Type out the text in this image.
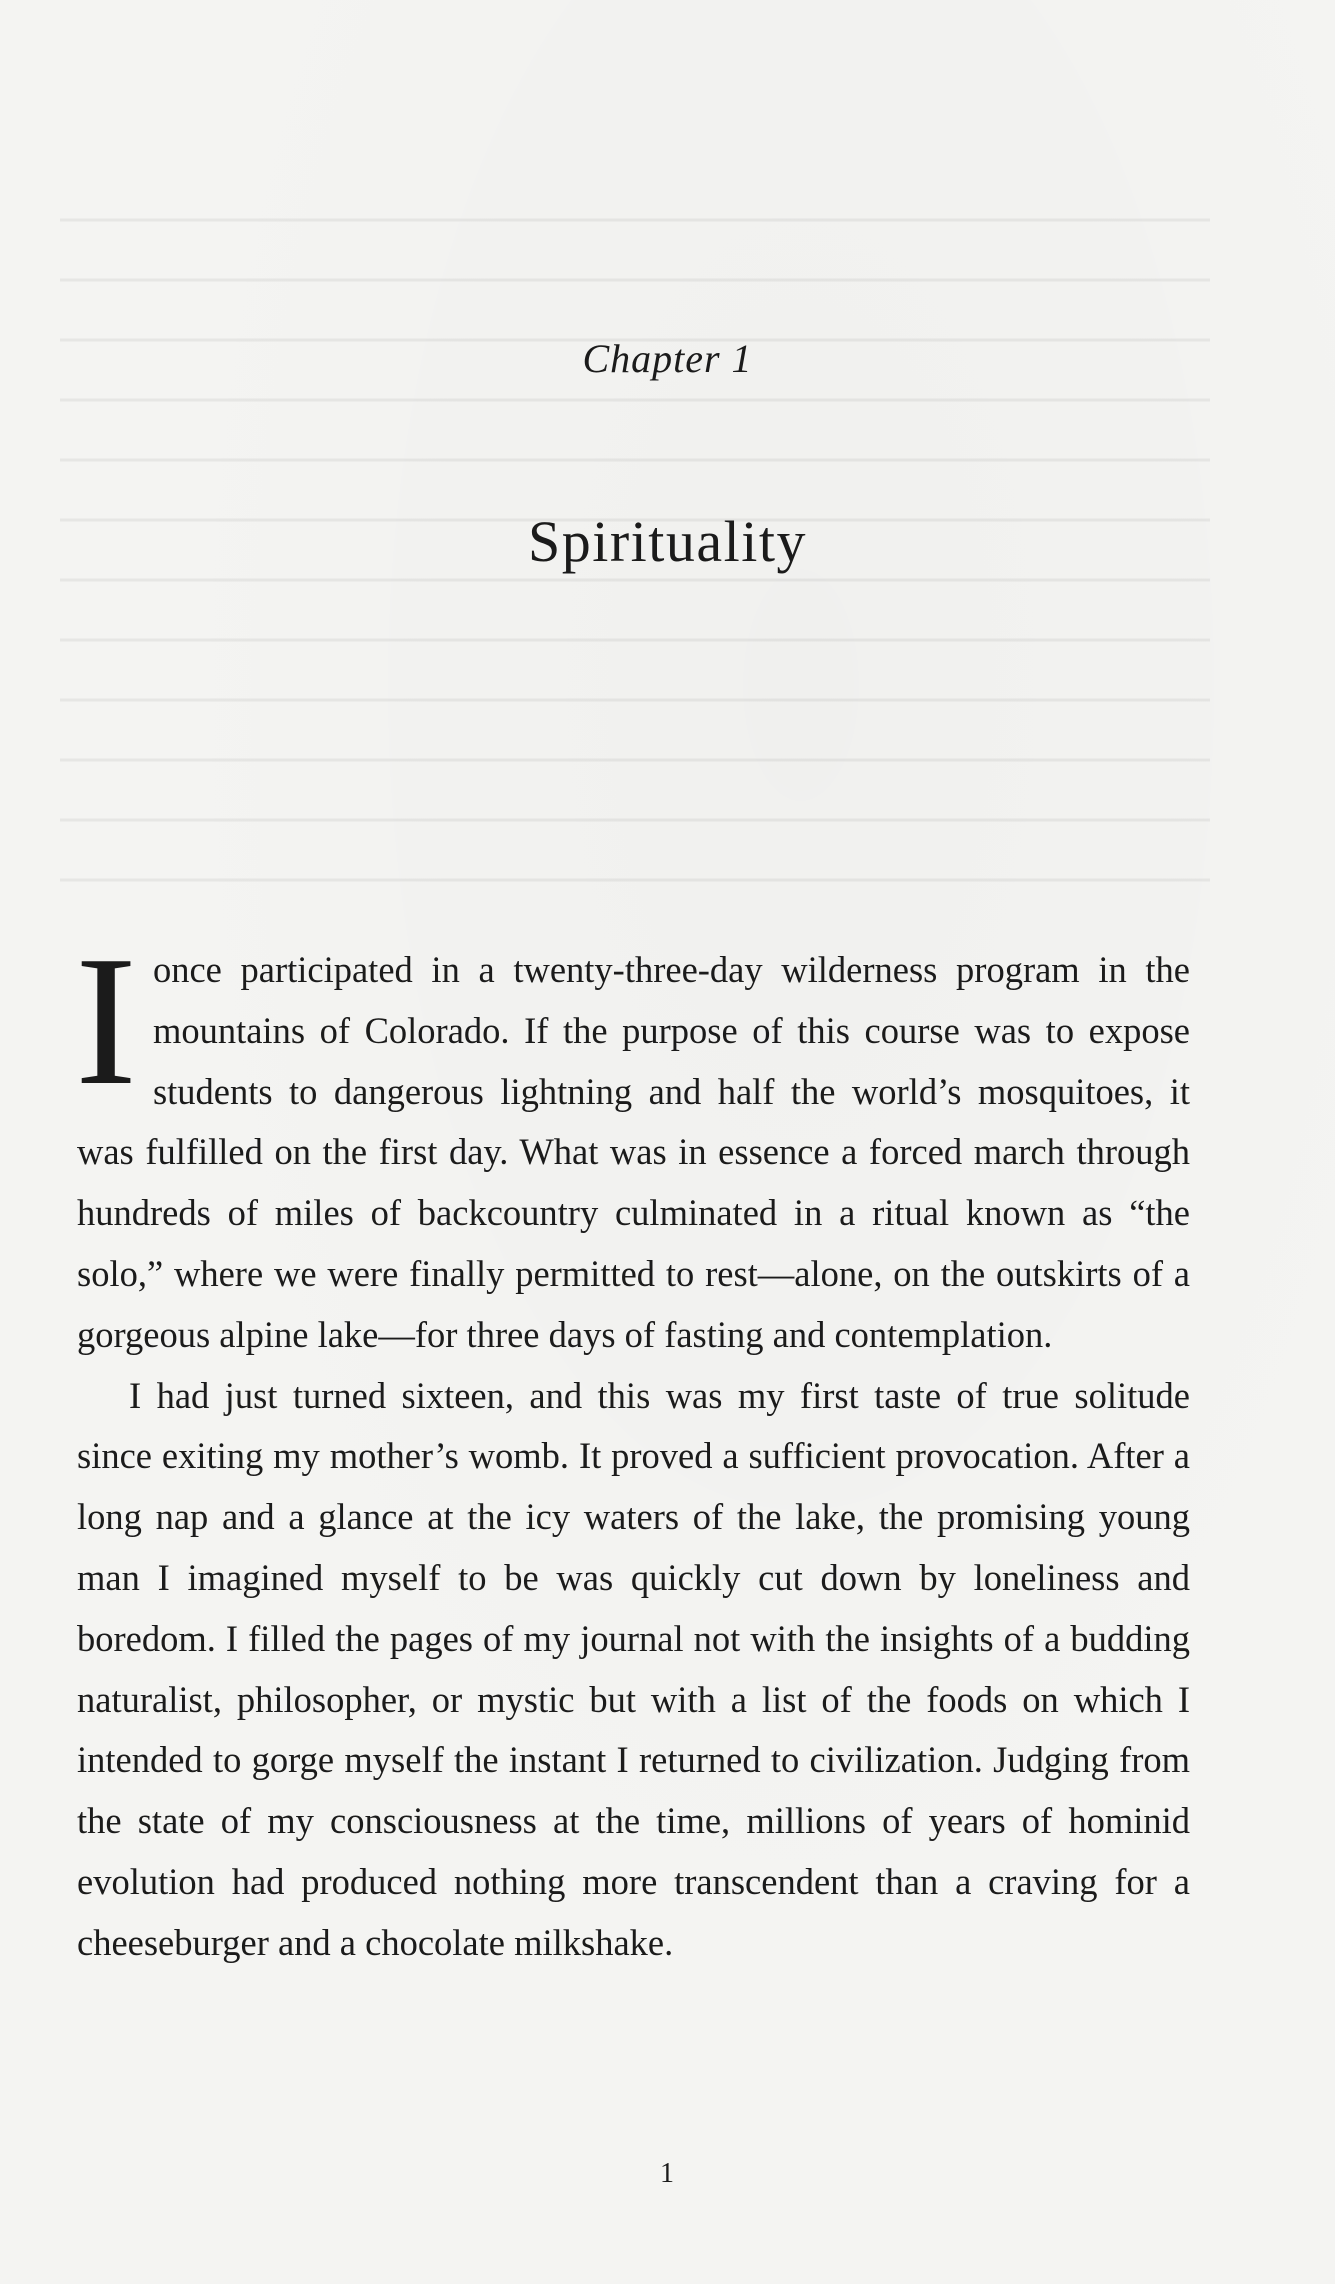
Chapter 1
Spirituality

Ionce participated in a twenty-three-day wilderness program in the mountains of Colorado. If the purpose of this course was to expose students to dangerous lightning and half the world’s mosquitoes, it was fulfilled on the first day. What was in essence a forced march through hundreds of miles of backcountry culminated in a ritual known as “the solo,” where we were finally permitted to rest—alone, on the outskirts of a gorgeous alpine lake—for three days of fasting and contemplation.

I had just turned sixteen, and this was my first taste of true solitude since exiting my mother’s womb. It proved a sufficient provocation. After a long nap and a glance at the icy waters of the lake, the promising young man I imagined myself to be was quickly cut down by loneliness and boredom. I filled the pages of my journal not with the insights of a budding naturalist, philosopher, or mystic but with a list of the foods on which I intended to gorge myself the instant I returned to civilization. Judging from the state of my consciousness at the time, millions of years of hominid evolution had produced nothing more transcendent than a craving for a cheeseburger and a chocolate milkshake.

1
